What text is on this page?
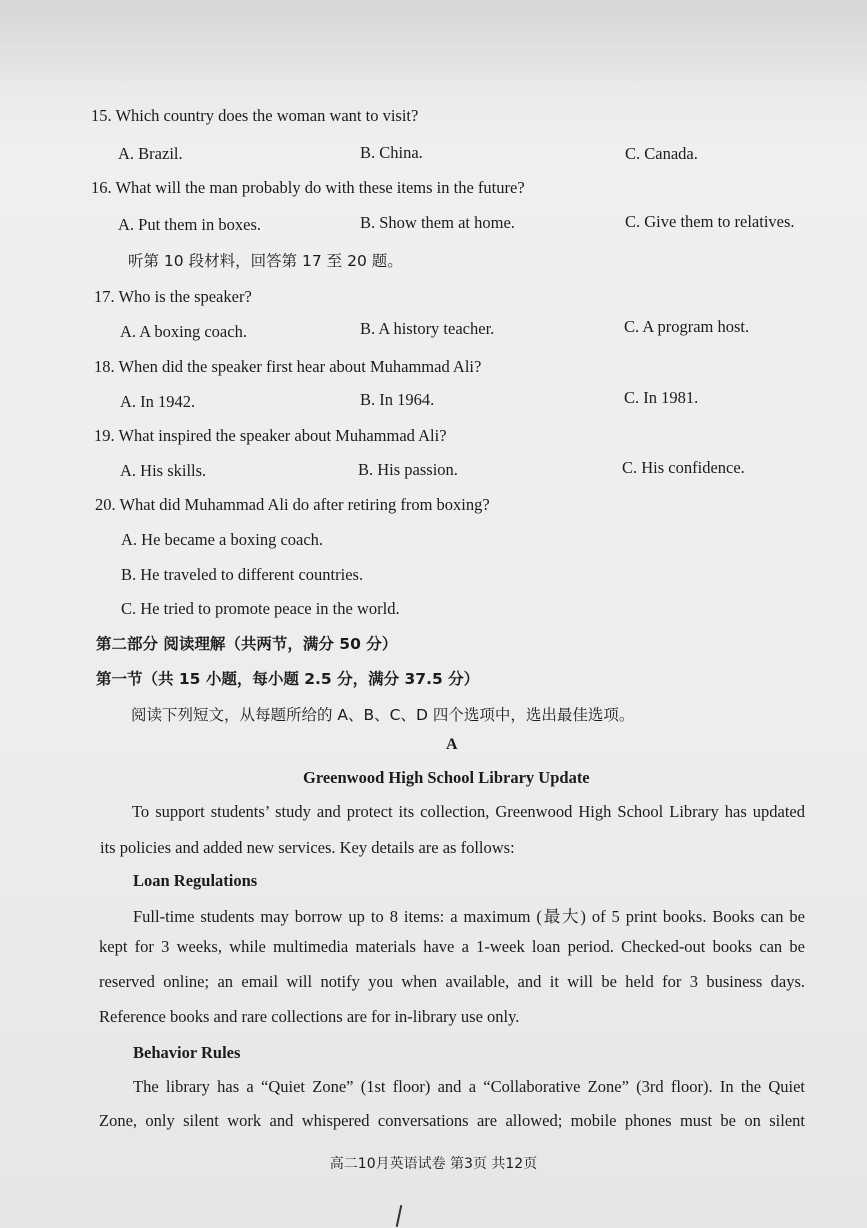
15. Which country does the woman want to visit?
A. Brazil.	B. China.	C. Canada.
16. What will the man probably do with these items in the future?
A. Put them in boxes.	B. Show them at home.	C. Give them to relatives.
听第 10 段材料，回答第 17 至 20 题。
17. Who is the speaker?
A. A boxing coach.	B. A history teacher.	C. A program host.
18. When did the speaker first hear about Muhammad Ali?
A. In 1942.	B. In 1964.	C. In 1981.
19. What inspired the speaker about Muhammad Ali?
A. His skills.	B. His passion.	C. His confidence.
20. What did Muhammad Ali do after retiring from boxing?
A. He became a boxing coach.
B. He traveled to different countries.
C. He tried to promote peace in the world.
第二部分 阅读理解（共两节，满分 50 分）
第一节（共 15 小题，每小题 2.5 分，满分 37.5 分）
阅读下列短文，从每题所给的 A、B、C、D 四个选项中，选出最佳选项。
A
Greenwood High School Library Update
To support students’ study and protect its collection, Greenwood High School Library has updated
its policies and added new services. Key details are as follows:
Loan Regulations
Full-time students may borrow up to 8 items: a maximum (最大) of 5 print books. Books can be
kept for 3 weeks, while multimedia materials have a 1-week loan period. Checked-out books can be
reserved online; an email will notify you when available, and it will be held for 3 business days.
Reference books and rare collections are for in-library use only.
Behavior Rules
The library has a “Quiet Zone” (1st floor) and a “Collaborative Zone” (3rd floor). In the Quiet
Zone, only silent work and whispered conversations are allowed; mobile phones must be on silent
高二10月英语试卷 第3页 共12页
